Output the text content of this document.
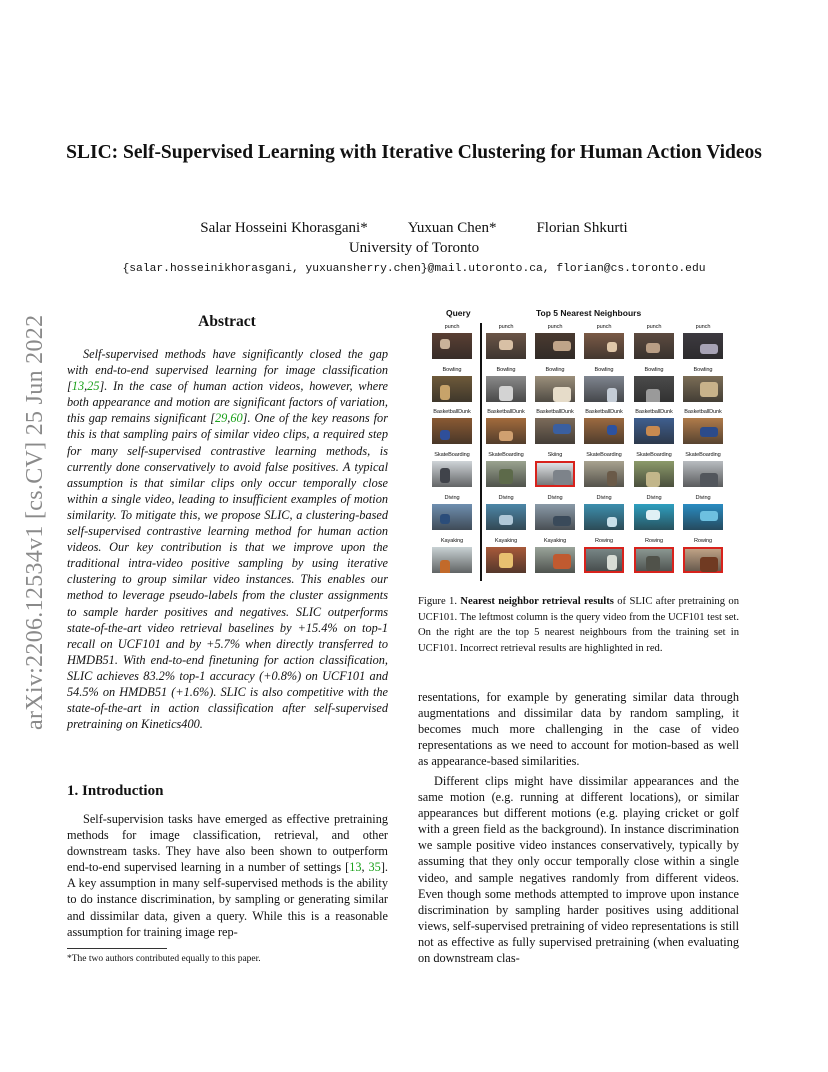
arXiv:2206.12534v1 [cs.CV] 25 Jun 2022
SLIC: Self-Supervised Learning with Iterative Clustering for Human Action Videos
Salar Hosseini Khorasgani*	Yuxuan Chen*	Florian Shkurti
University of Toronto
{salar.hosseinikhorasgani, yuxuansherry.chen}@mail.utoronto.ca, florian@cs.toronto.edu
Abstract
Self-supervised methods have significantly closed the gap with end-to-end supervised learning for image classification [13,25]. In the case of human action videos, however, where both appearance and motion are significant factors of variation, this gap remains significant [29,60]. One of the key reasons for this is that sampling pairs of similar video clips, a required step for many self-supervised contrastive learning methods, is currently done conservatively to avoid false positives. A typical assumption is that similar clips only occur temporally close within a single video, leading to insufficient examples of motion similarity. To mitigate this, we propose SLIC, a clustering-based self-supervised contrastive learning method for human action videos. Our key contribution is that we improve upon the traditional intra-video positive sampling by using iterative clustering to group similar video instances. This enables our method to leverage pseudo-labels from the cluster assignments to sample harder positives and negatives. SLIC outperforms state-of-the-art video retrieval baselines by +15.4% on top-1 recall on UCF101 and by +5.7% when directly transferred to HMDB51. With end-to-end finetuning for action classification, SLIC achieves 83.2% top-1 accuracy (+0.8%) on UCF101 and 54.5% on HMDB51 (+1.6%). SLIC is also competitive with the state-of-the-art in action classification after self-supervised pretraining on Kinetics400.
1. Introduction
Self-supervision tasks have emerged as effective pretraining methods for image classification, retrieval, and other downstream tasks. They have also been shown to outperform end-to-end supervised learning in a number of settings [13, 35]. A key assumption in many self-supervised methods is the ability to do instance discrimination, by sampling or generating similar and dissimilar data, given a query. While this is a reasonable assumption for training image rep-
*The two authors contributed equally to this paper.
Query	Top 5 Nearest Neighbours
punch	punch	punch	punch	punch	punch
Bowling	Bowling	Bowling	Bowling	Bowling	Bowling
BasketballDunk	BasketballDunk	BasketballDunk	BasketballDunk	BasketballDunk	BasketballDunk
SkateBoarding	SkateBoarding	Skiing	SkateBoarding	SkateBoarding	SkateBoarding
Diving	Diving	Diving	Diving	Diving	Diving
Kayaking	Kayaking	Kayaking	Rowing	Rowing	Rowing
Figure 1. Nearest neighbor retrieval results of SLIC after pretraining on UCF101. The leftmost column is the query video from the UCF101 test set. On the right are the top 5 nearest neighbours from the training set in UCF101. Incorrect retrieval results are highlighted in red.
resentations, for example by generating similar data through augmentations and dissimilar data by random sampling, it becomes much more challenging in the case of video representations as we need to account for motion-based as well as appearance-based similarities.
Different clips might have dissimilar appearances and the same motion (e.g. running at different locations), or similar appearances but different motions (e.g. playing cricket or golf with a green field as the background). In instance discrimination we sample positive video instances conservatively, typically by assuming that they only occur temporally close within a single video, and sample negatives randomly from different videos. Even though some methods attempted to improve upon instance discrimination by sampling harder positives using additional views, self-supervised pretraining of video representations is still not as effective as fully supervised pretraining (when evaluating on downstream clas-
